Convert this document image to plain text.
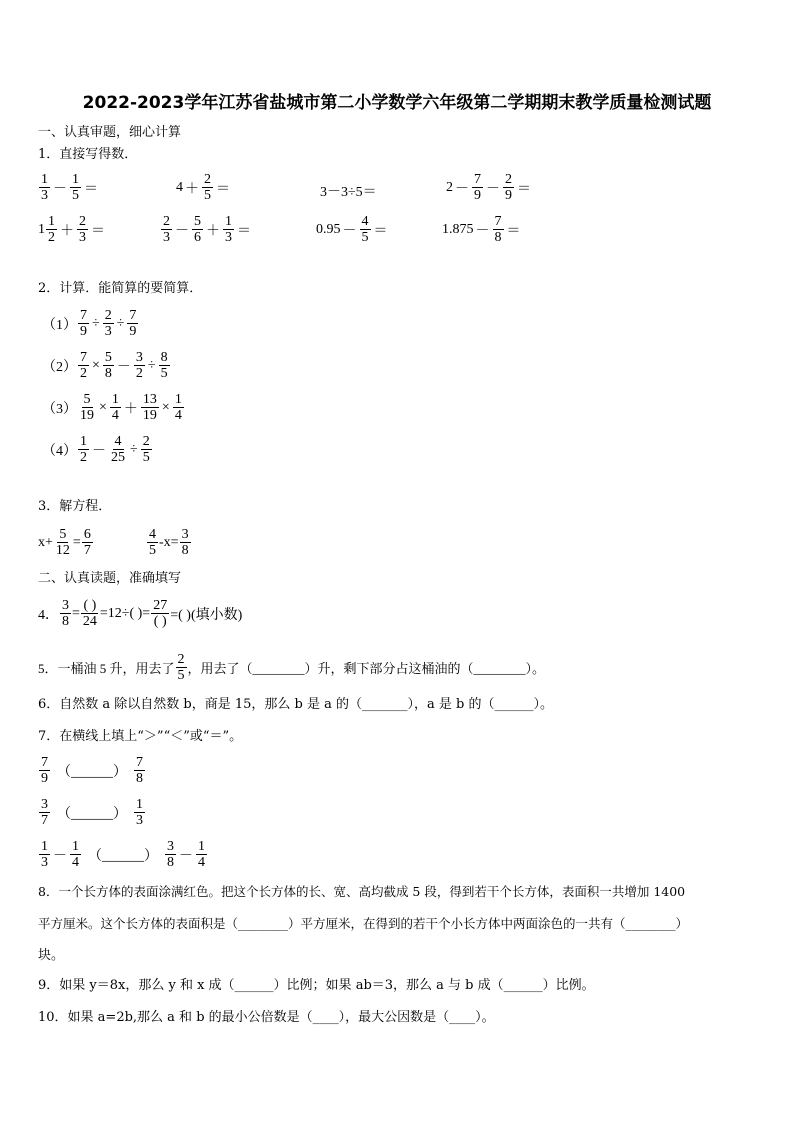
2022-2023学年江苏省盐城市第二小学数学六年级第二学期期末教学质量检测试题
一、认真审题，细心计算
1．直接写得数．
$\frac{1}{3} - \frac{1}{5}$ ＝	$4 + \frac{2}{5}$ ＝	3－3÷5＝	$2 - \frac{7}{9} - \frac{2}{9}$ ＝
$1 \frac{1}{2} + \frac{2}{3}$ ＝	$\frac{2}{3} - \frac{5}{6} + \frac{1}{3}$ ＝	$0.95 - \frac{4}{5}$ ＝	$1.875 - \frac{7}{8}$ ＝
2．计算．能简算的要简算．
$(1) \frac{7}{9} \div \frac{2}{3} \div \frac{7}{9}$
$(2) \frac{7}{2} \times \frac{5}{8} - \frac{3}{2} \div \frac{8}{5}$
$(3) \frac{5}{19} \times \frac{1}{4} + \frac{13}{19} \times \frac{1}{4}$
$(4) \frac{1}{2} - \frac{4}{25} \div \frac{2}{5}$
3．解方程．
$x+ \frac{5}{12} = \frac{6}{7}$	$\frac{4}{5} -x= \frac{3}{8}$
二、认真读题，准确填写
4． $\frac{3}{8} = \frac{( )}{24} =12\div$( )= $\frac{27}{( )}$ =( )(填小数)
5．一桶油 5 升，用去了 $\frac{2}{5}$ ，用去了（________）升，剩下部分占这桶油的（________）。
6．自然数 a 除以自然数 b，商是 15，那么 b 是 a 的（_______），a 是 b 的（______）。
7．在横线上填上“＞”“＜”或“＝”。
$\frac{7}{9}$ （______） $\frac{7}{8}$
$\frac{3}{7}$ （______） $\frac{1}{3}$
$\frac{1}{3} - \frac{1}{4}$ （______） $\frac{3}{8} - \frac{1}{4}$
8．一个长方体的表面涂满红色。把这个长方体的长、宽、高均截成 5 段，得到若干个长方体，表面积一共增加 1400
平方厘米。这个长方体的表面积是（________）平方厘米，在得到的若干个小长方体中两面涂色的一共有（________）
块。
9．如果 y＝8x，那么 y 和 x 成（______）比例；如果 ab＝3，那么 a 与 b 成（______）比例。
10．如果 a=2b,那么 a 和 b 的最小公倍数是（____），最大公因数是（____）。
